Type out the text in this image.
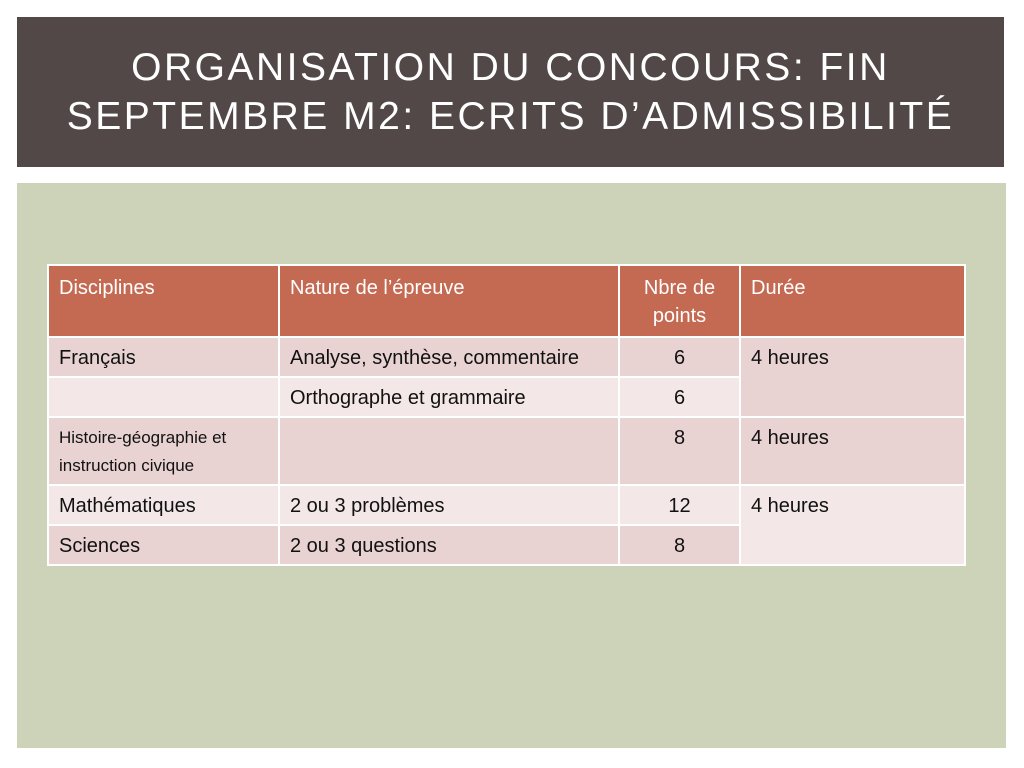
ORGANISATION DU CONCOURS: FIN SEPTEMBRE M2: ECRITS D’ADMISSIBILITÉ
Disciplines	Nature de l’épreuve	Nbre de points	Durée
Français	Analyse, synthèse, commentaire	6	4 heures
	Orthographe et grammaire	6	
Histoire-géographie et instruction civique		8	4 heures
Mathématiques	2 ou 3 problèmes	12	4 heures
Sciences	2 ou 3 questions	8	
